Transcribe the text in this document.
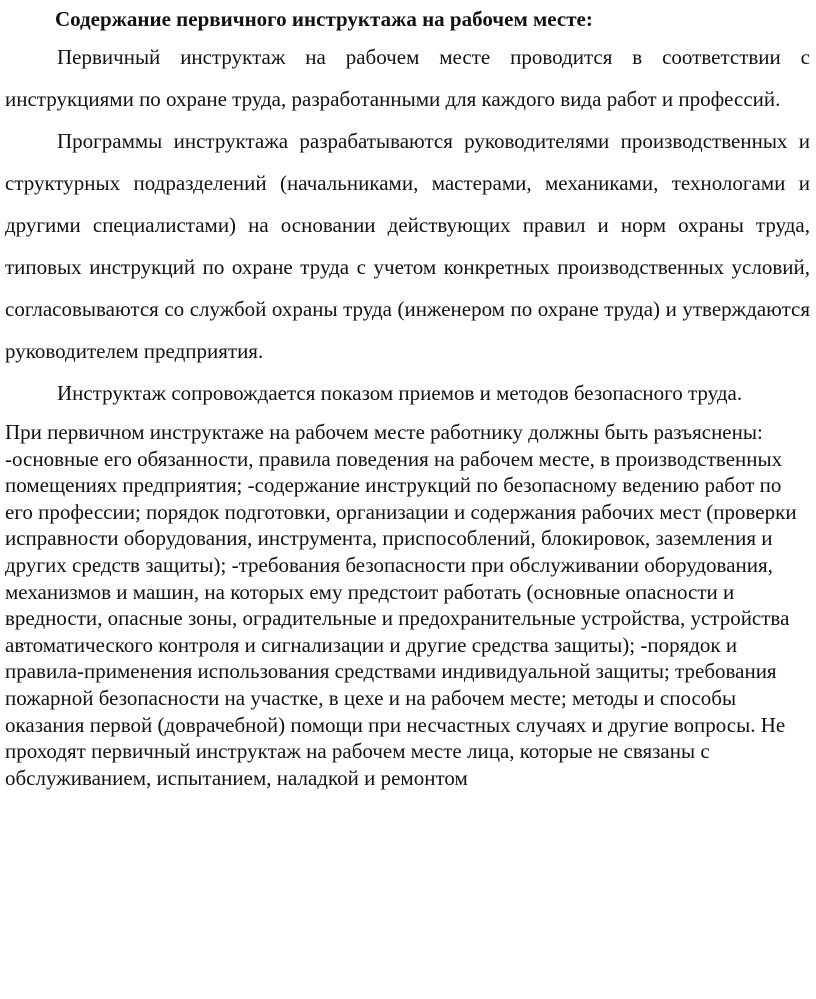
Содержание первичного инструктажа на рабочем месте:

Первичный инструктаж на рабочем месте проводится в соответствии с инструкциями по охране труда, разработанными для каждого вида работ и профессий.

Программы инструктажа разрабатываются руководителями производственных и структурных подразделений (начальниками, мастерами, механиками, технологами и другими специалистами) на основании действующих правил и норм охраны труда, типовых инструкций по охране труда с учетом конкретных производственных условий, согласовываются со службой охраны труда (инженером по охране труда) и утверждаются руководителем предприятия.

Инструктаж сопровождается показом приемов и методов безопасного труда.

При первичном инструктаже на рабочем месте работнику должны быть разъяснены: -основные его обязанности, правила поведения на рабочем месте, в производственных помещениях предприятия; -содержание инструкций по безопасному ведению работ по его профессии; порядок подготовки, организации и содержания рабочих мест (проверки исправности оборудования, инструмента, приспособлений, блокировок, заземления и других средств защиты); -требования безопасности при обслуживании оборудования, механизмов и машин, на которых ему предстоит работать (основные опасности и вредности, опасные зоны, оградительные и предохранительные устройства, устройства автоматического контроля и сигнализации и другие средства защиты); -порядок и правила-применения использования средствами индивидуальной защиты; требования пожарной безопасности на участке, в цехе и на рабочем месте; методы и способы оказания первой (доврачебной) помощи при несчастных случаях и другие вопросы. Не проходят первичный инструктаж на рабочем месте лица, которые не связаны с обслуживанием, испытанием, наладкой и ремонтом
